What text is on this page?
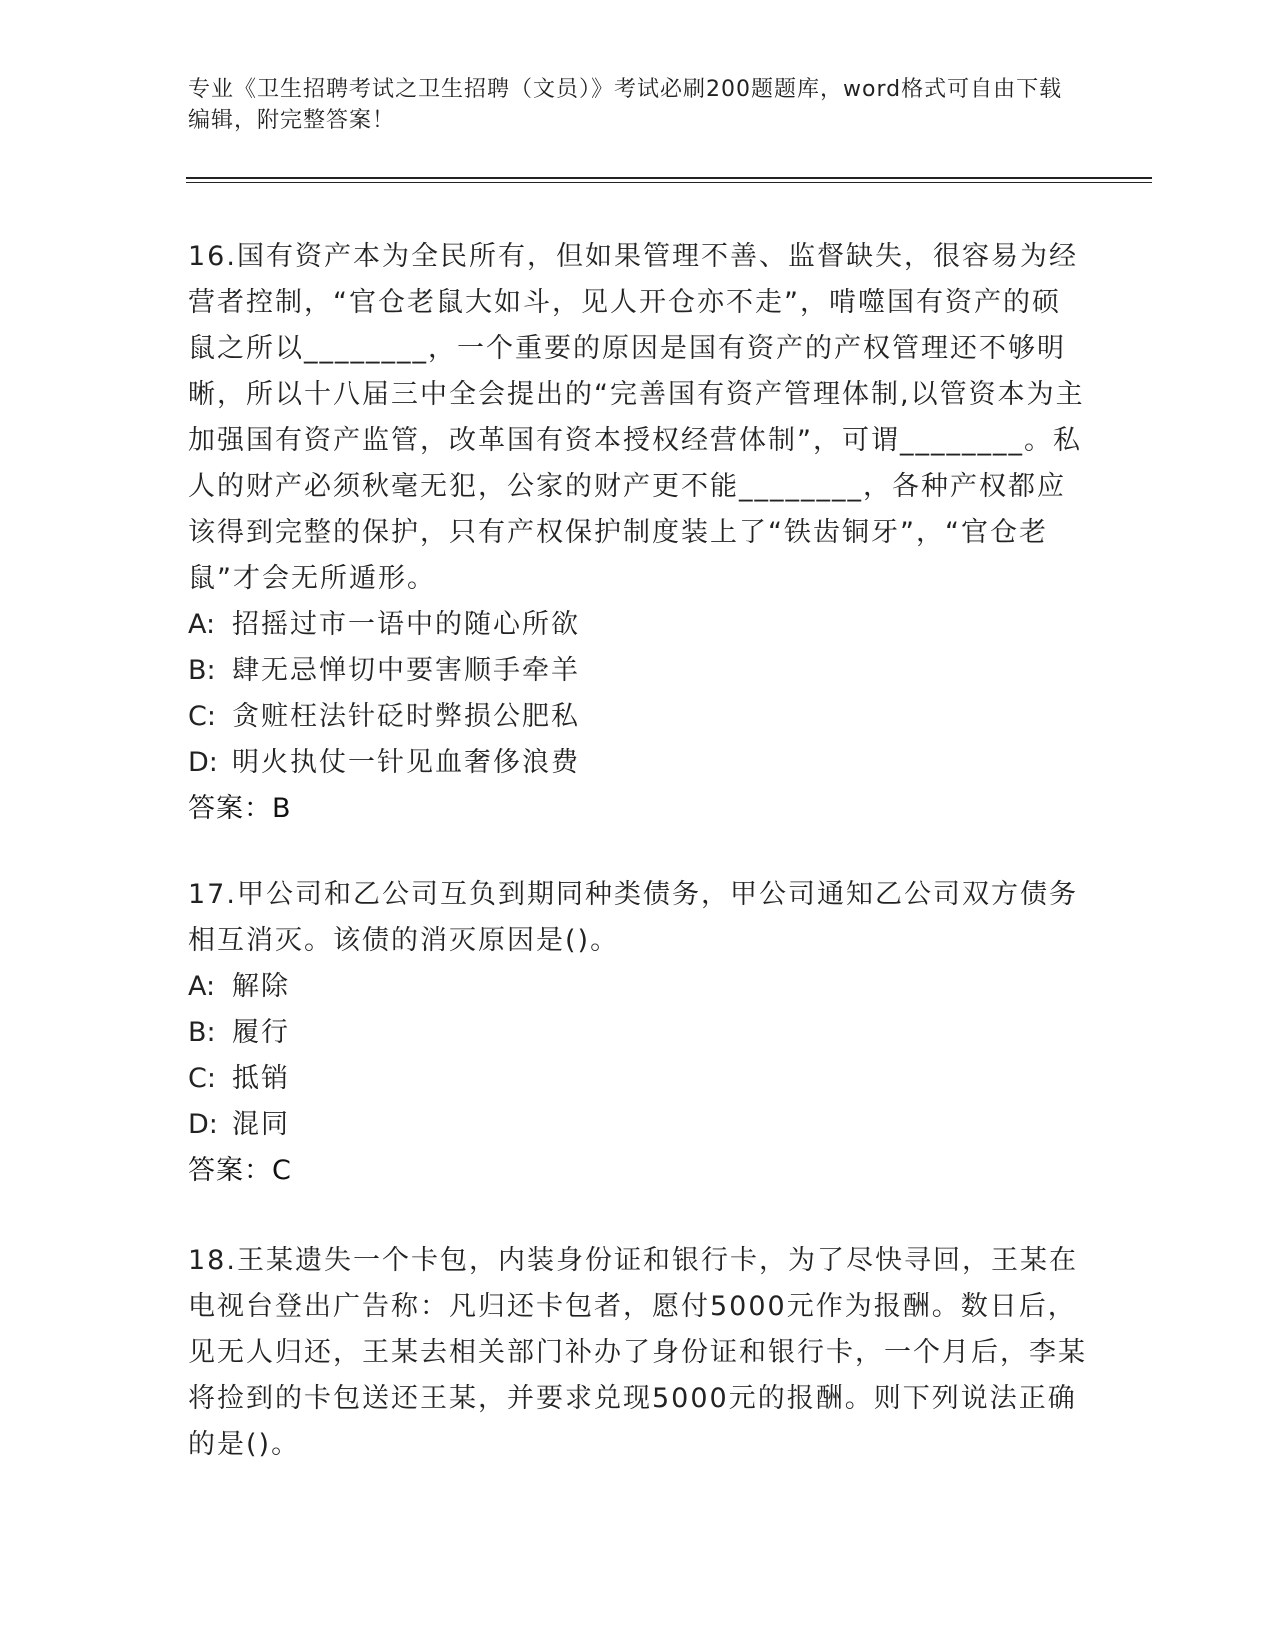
专业《卫生招聘考试之卫生招聘（文员）》考试必刷200题题库，word格式可自由下载编辑，附完整答案！

16.国有资产本为全民所有，但如果管理不善、监督缺失，很容易为经营者控制，“官仓老鼠大如斗，见人开仓亦不走”，啃噬国有资产的硕鼠之所以________，一个重要的原因是国有资产的产权管理还不够明晰，所以十八届三中全会提出的“完善国有资产管理体制,以管资本为主加强国有资产监管，改革国有资本授权经营体制”，可谓________。私人的财产必须秋毫无犯，公家的财产更不能________，各种产权都应该得到完整的保护，只有产权保护制度装上了“铁齿铜牙”，“官仓老鼠”才会无所遁形。

A: 招摇过市一语中的随心所欲

B: 肆无忌惮切中要害顺手牵羊

C: 贪赃枉法针砭时弊损公肥私

D: 明火执仗一针见血奢侈浪费

答案：B

17.甲公司和乙公司互负到期同种类债务，甲公司通知乙公司双方债务相互消灭。该债的消灭原因是()。

A: 解除

B: 履行

C: 抵销

D: 混同

答案：C

18.王某遗失一个卡包，内装身份证和银行卡，为了尽快寻回，王某在电视台登出广告称：凡归还卡包者，愿付5000元作为报酬。数日后，见无人归还，王某去相关部门补办了身份证和银行卡，一个月后，李某将捡到的卡包送还王某，并要求兑现5000元的报酬。则下列说法正确的是()。
